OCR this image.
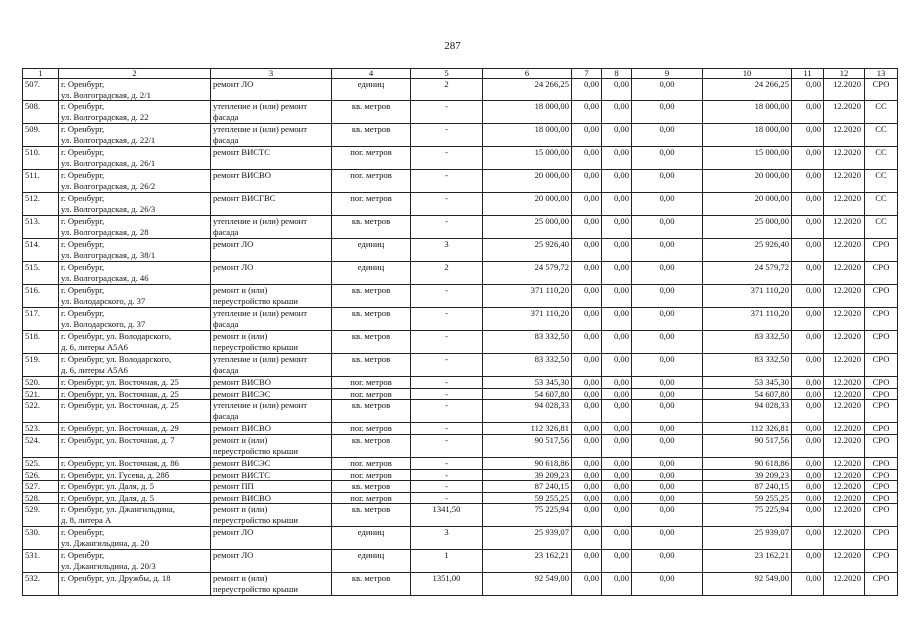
287
1	2	3	4	5	6	7	8	9	10	11	12	13
507.	г. Оренбург,
ул. Волгоградская, д. 2/1	ремонт ЛО	единиц	2	24 266,25	0,00	0,00	0,00	24 266,25	0,00	12.2020	СРО
508.	г. Оренбург,
ул. Волгоградская, д. 22	утепление и (или) ремонт
фасада	кв. метров	-	18 000,00	0,00	0,00	0,00	18 000,00	0,00	12.2020	СС
509.	г. Оренбург,
ул. Волгоградская, д. 22/1	утепление и (или) ремонт
фасада	кв. метров	-	18 000,00	0,00	0,00	0,00	18 000,00	0,00	12.2020	СС
510.	г. Оренбург,
ул. Волгоградская, д. 26/1	ремонт ВИСТС	пог. метров	-	15 000,00	0,00	0,00	0,00	15 000,00	0,00	12.2020	СС
511.	г. Оренбург,
ул. Волгоградская, д. 26/2	ремонт ВИСВО	пог. метров	-	20 000,00	0,00	0,00	0,00	20 000,00	0,00	12.2020	СС
512.	г. Оренбург,
ул. Волгоградская, д. 26/3	ремонт ВИСГВС	пог. метров	-	20 000,00	0,00	0,00	0,00	20 000,00	0,00	12.2020	СС
513.	г. Оренбург,
ул. Волгоградская, д. 28	утепление и (или) ремонт
фасада	кв. метров	-	25 000,00	0,00	0,00	0,00	25 000,00	0,00	12.2020	СС
514.	г. Оренбург,
ул. Волгоградская, д. 38/1	ремонт ЛО	единиц	3	25 926,40	0,00	0,00	0,00	25 926,40	0,00	12.2020	СРО
515.	г. Оренбург,
ул. Волгоградская, д. 46	ремонт ЛО	единиц	2	24 579,72	0,00	0,00	0,00	24 579,72	0,00	12.2020	СРО
516.	г. Оренбург,
ул. Володарского, д. 37	ремонт и (или)
переустройство крыши	кв. метров	-	371 110,20	0,00	0,00	0,00	371 110,20	0,00	12.2020	СРО
517.	г. Оренбург,
ул. Володарского, д. 37	утепление и (или) ремонт
фасада	кв. метров	-	371 110,20	0,00	0,00	0,00	371 110,20	0,00	12.2020	СРО
518.	г. Оренбург, ул. Володарского,
д. 6, литеры А5А6	ремонт и (или)
переустройство крыши	кв. метров	-	83 332,50	0,00	0,00	0,00	83 332,50	0,00	12.2020	СРО
519.	г. Оренбург, ул. Володарского,
д. 6, литеры А5А6	утепление и (или) ремонт
фасада	кв. метров	-	83 332,50	0,00	0,00	0,00	83 332,50	0,00	12.2020	СРО
520.	г. Оренбург, ул. Восточная, д. 25	ремонт ВИСВО	пог. метров	-	53 345,30	0,00	0,00	0,00	53 345,30	0,00	12.2020	СРО
521.	г. Оренбург, ул. Восточная, д. 25	ремонт ВИСЭС	пог. метров	-	54 607,80	0,00	0,00	0,00	54 607,80	0,00	12.2020	СРО
522.	г. Оренбург, ул. Восточная, д. 25	утепление и (или) ремонт
фасада	кв. метров	-	94 028,33	0,00	0,00	0,00	94 028,33	0,00	12.2020	СРО
523.	г. Оренбург, ул. Восточная, д. 29	ремонт ВИСВО	пог. метров	-	112 326,81	0,00	0,00	0,00	112 326,81	0,00	12.2020	СРО
524.	г. Оренбург, ул. Восточная, д. 7	ремонт и (или)
переустройство крыши	кв. метров	-	90 517,56	0,00	0,00	0,00	90 517,56	0,00	12.2020	СРО
525.	г. Оренбург, ул. Восточная, д. 86	ремонт ВИСЭС	пог. метров	-	90 618,86	0,00	0,00	0,00	90 618,86	0,00	12.2020	СРО
526.	г. Оренбург, ул. Гусева, д. 28б	ремонт ВИСТС	пог. метров	-	39 209,23	0,00	0,00	0,00	39 209,23	0,00	12.2020	СРО
527.	г. Оренбург, ул. Даля, д. 5	ремонт ПП	кв. метров	-	87 240,15	0,00	0,00	0,00	87 240,15	0,00	12.2020	СРО
528.	г. Оренбург, ул. Даля, д. 5	ремонт ВИСВО	пог. метров	-	59 255,25	0,00	0,00	0,00	59 255,25	0,00	12.2020	СРО
529.	г. Оренбург, ул. Джангильдина,
д. 8, литера А	ремонт и (или)
переустройство крыши	кв. метров	1341,50	75 225,94	0,00	0,00	0,00	75 225,94	0,00	12.2020	СРО
530.	г. Оренбург,
ул. Джангильдина, д. 20	ремонт ЛО	единиц	3	25 939,07	0,00	0,00	0,00	25 939,07	0,00	12.2020	СРО
531.	г. Оренбург,
ул. Джангильдина, д. 20/3	ремонт ЛО	единиц	1	23 162,21	0,00	0,00	0,00	23 162,21	0,00	12.2020	СРО
532.	г. Оренбург, ул. Дружбы, д. 18	ремонт и (или)
переустройство крыши	кв. метров	1351,00	92 549,00	0,00	0,00	0,00	92 549,00	0,00	12.2020	СРО
